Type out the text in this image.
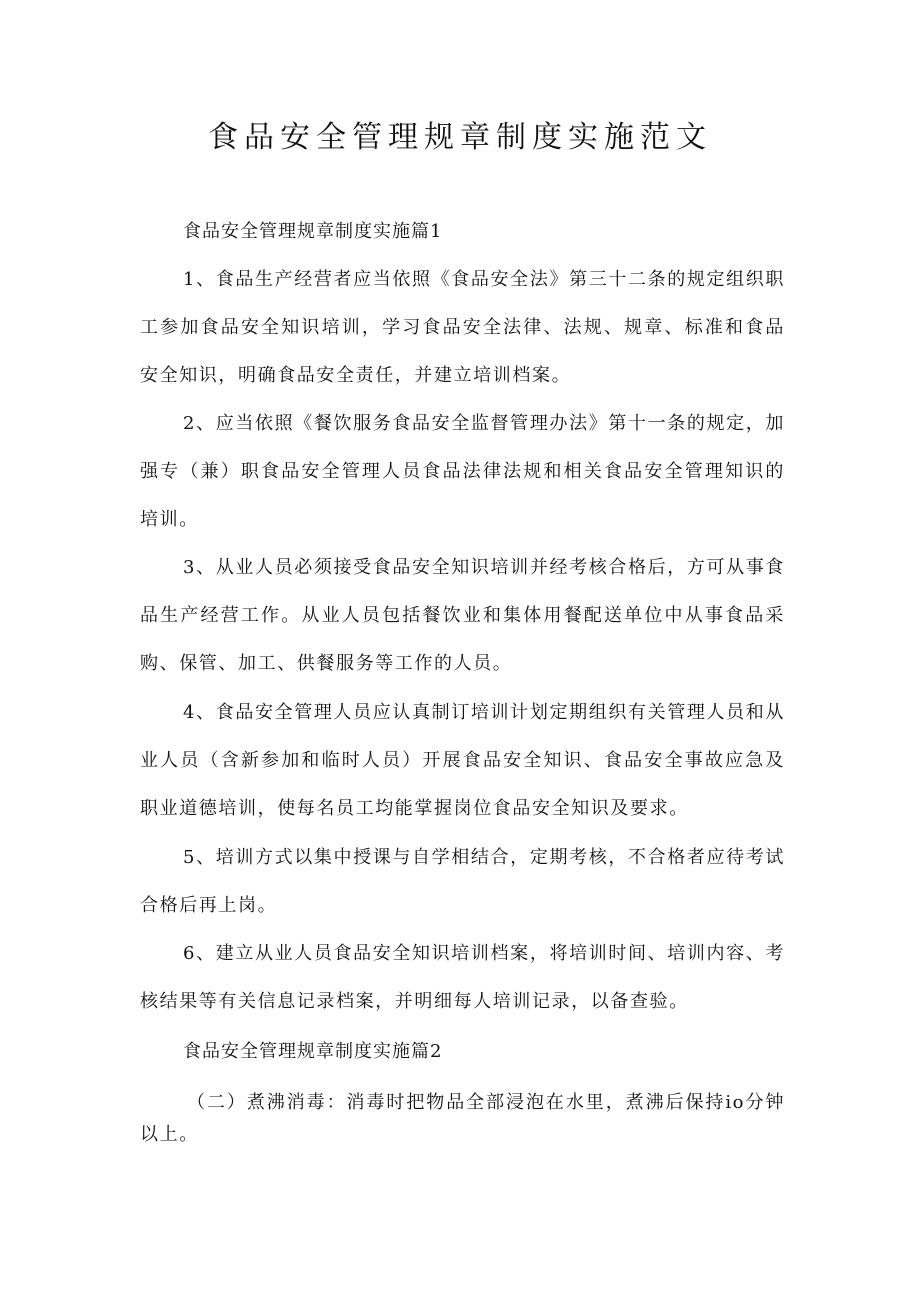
食品安全管理规章制度实施范文
食品安全管理规章制度实施篇1

1、食品生产经营者应当依照《食品安全法》第三十二条的规定组织职工参加食品安全知识培训，学习食品安全法律、法规、规章、标准和食品安全知识，明确食品安全责任，并建立培训档案。

2、应当依照《餐饮服务食品安全监督管理办法》第十一条的规定，加强专（兼）职食品安全管理人员食品法律法规和相关食品安全管理知识的培训。

3、从业人员必须接受食品安全知识培训并经考核合格后，方可从事食品生产经营工作。从业人员包括餐饮业和集体用餐配送单位中从事食品采购、保管、加工、供餐服务等工作的人员。

4、食品安全管理人员应认真制订培训计划定期组织有关管理人员和从业人员（含新参加和临时人员）开展食品安全知识、食品安全事故应急及职业道德培训，使每名员工均能掌握岗位食品安全知识及要求。

5、培训方式以集中授课与自学相结合，定期考核，不合格者应待考试合格后再上岗。

6、建立从业人员食品安全知识培训档案，将培训时间、培训内容、考核结果等有关信息记录档案，并明细每人培训记录，以备查验。

食品安全管理规章制度实施篇2

（二）煮沸消毒：消毒时把物品全部浸泡在水里，煮沸后保持io分钟以上。
